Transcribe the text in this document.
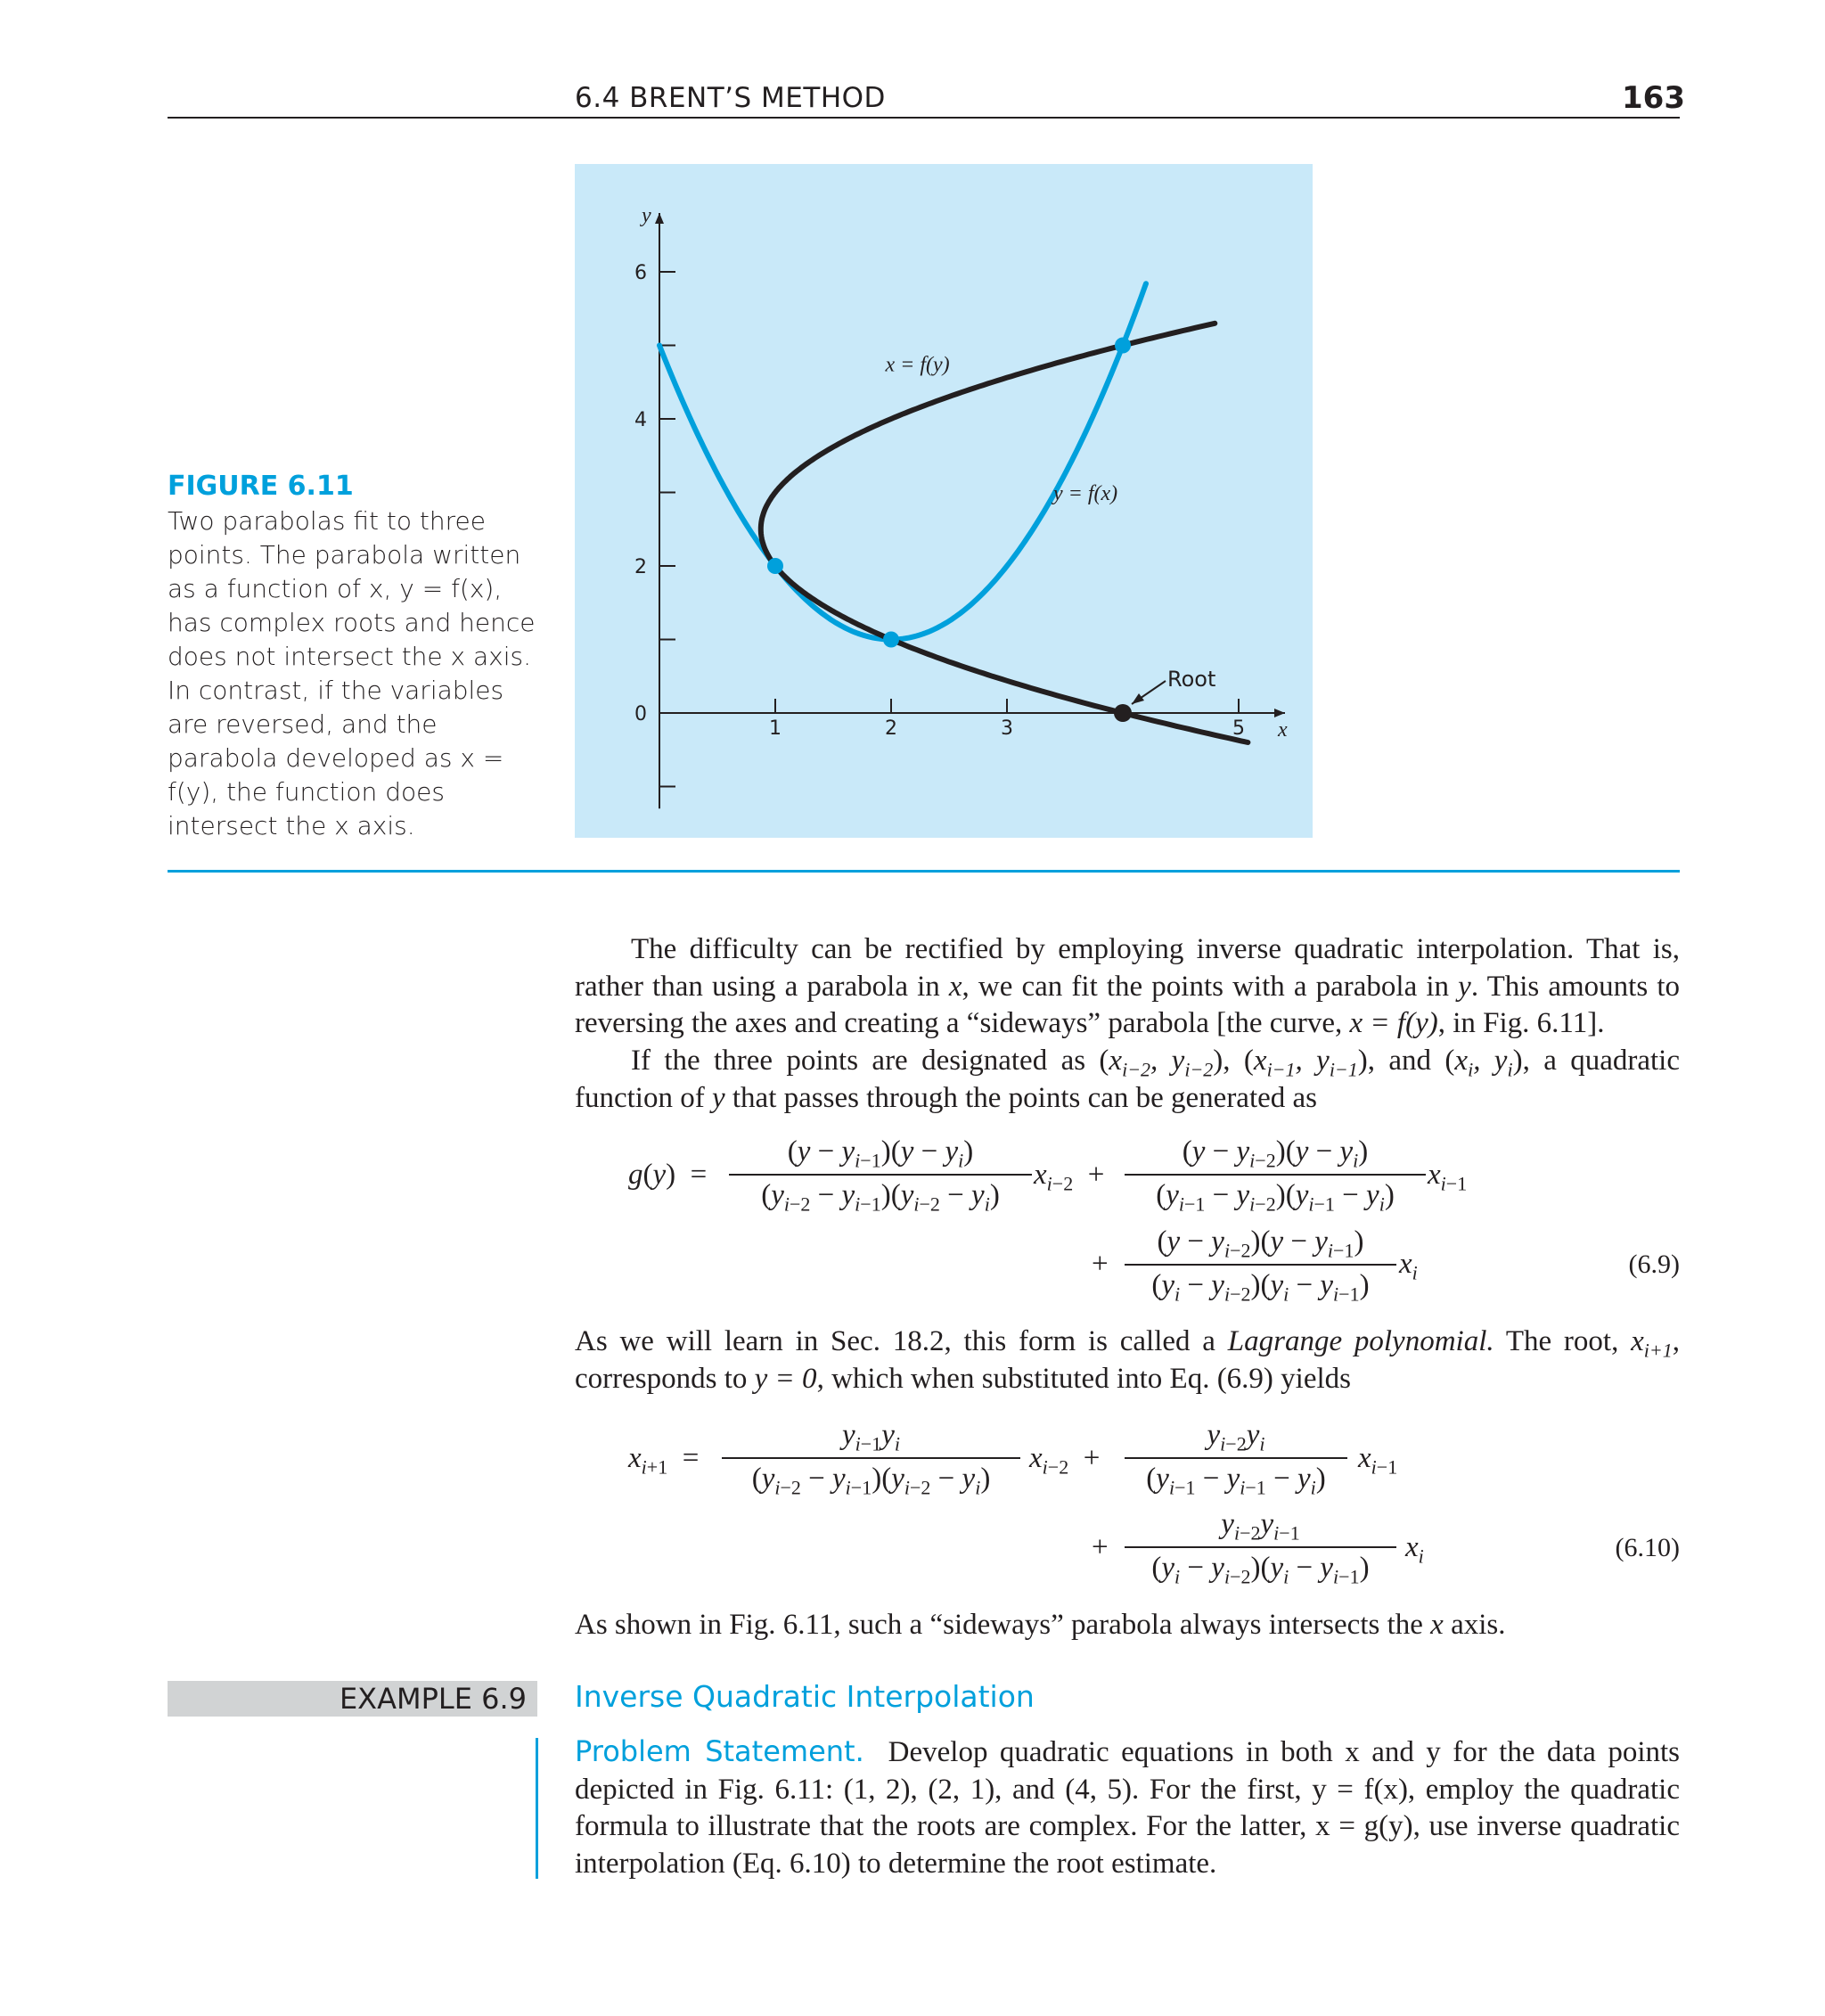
6.4 BRENT’S METHOD	163
FIGURE 6.11
Two parabolas fit to three points. The parabola written as a function of x, y = f(x), has complex roots and hence does not intersect the x axis. In contrast, if the variables are reversed, and the parabola developed as x = f(y), the function does intersect the x axis.
0
2
4
6
1	2	3	5
y
x
Root
x = f(y)
y = f(x)
The difficulty can be rectified by employing inverse quadratic interpolation. That is, rather than using a parabola in x, we can fit the points with a parabola in y. This amounts to reversing the axes and creating a “sideways” parabola [the curve, x = f(y), in Fig. 6.11].
If the three points are designated as ($x_{i-2}$, $y_{i-2}$), ($x_{i-1}$, $y_{i-1}$), and ($x_i$, $y_i$), a quadratic function of y that passes through the points can be generated as
g(y)  =
$(y - y_{i-1})(y - y_i)$
$(y_{i-2} - y_{i-1})(y_{i-2} - y_i)$
$x_{i-2}$  +
$(y - y_{i-2})(y - y_i)$
$(y_{i-1} - y_{i-2})(y_{i-1} - y_i)$
$x_{i-1}$
+
$(y - y_{i-2})(y - y_{i-1})$
$(y_i - y_{i-2})(y_i - y_{i-1})$
$x_i$	(6.9)
As we will learn in Sec. 18.2, this form is called a Lagrange polynomial. The root, $x_{i+1}$, corresponds to y = 0, which when substituted into Eq. (6.9) yields
$x_{i+1}$  =
$y_{i-1}y_i$
$(y_{i-2} - y_{i-1})(y_{i-2} - y_i)$
$x_{i-2}$  +
$y_{i-2}y_i$
$(y_{i-1} - y_{i-1} - y_i)$
$x_{i-1}$
+
$y_{i-2}y_{i-1}$
$(y_i - y_{i-2})(y_i - y_{i-1})$
$x_i$	(6.10)
As shown in Fig. 6.11, such a “sideways” parabola always intersects the x axis.
EXAMPLE 6.9 Inverse Quadratic Interpolation
Problem Statement. Develop quadratic equations in both x and y for the data points depicted in Fig. 6.11: (1, 2), (2, 1), and (4, 5). For the first, y = f(x), employ the quadratic formula to illustrate that the roots are complex. For the latter, x = g(y), use inverse quadratic interpolation (Eq. 6.10) to determine the root estimate.
